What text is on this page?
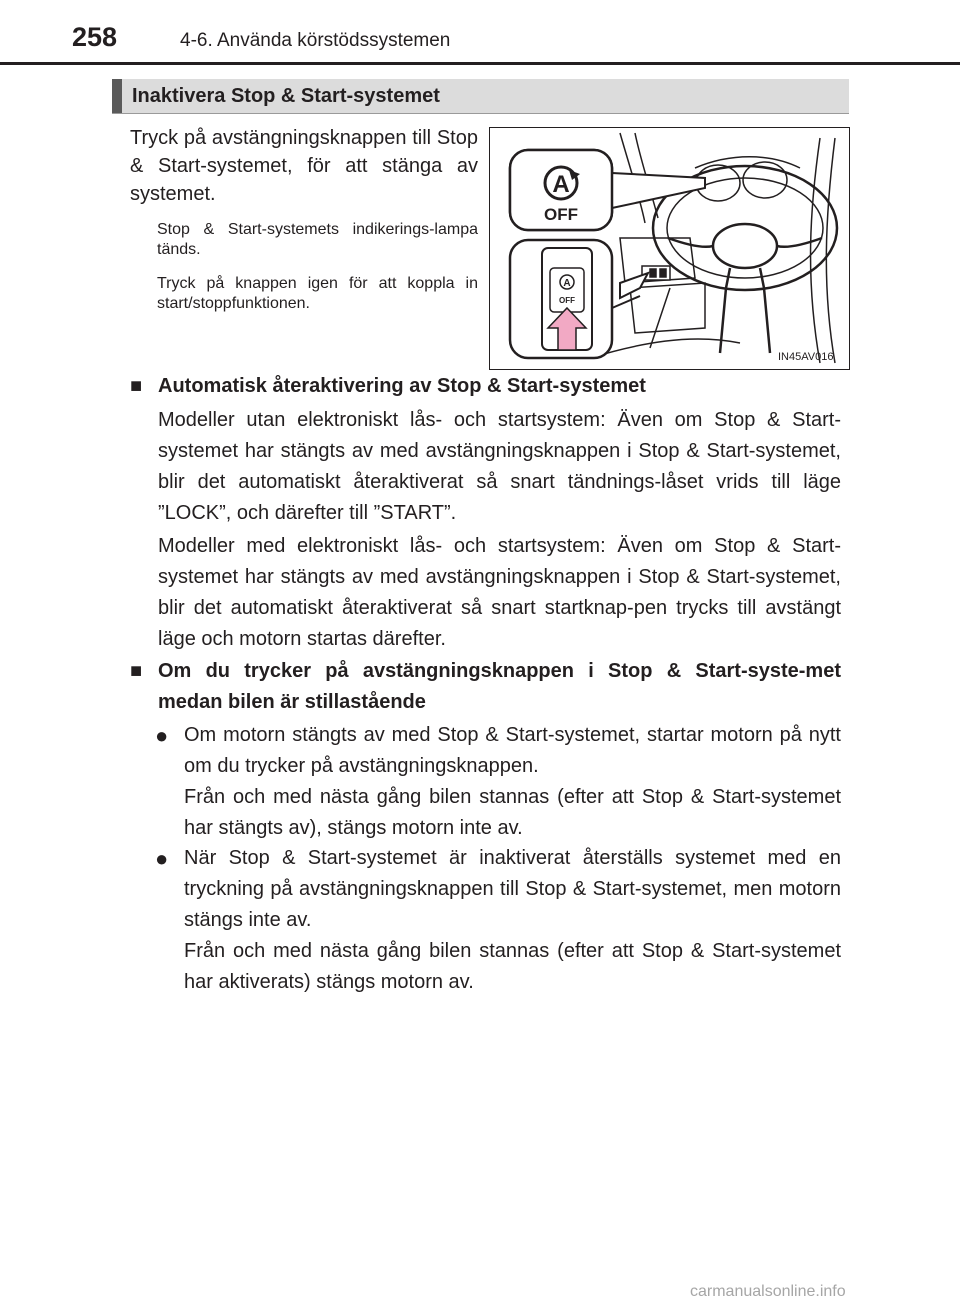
258	4-6. Använda körstödssystemen
Inaktivera Stop & Start-systemet
Tryck på avstängningsknappen till Stop & Start-systemet, för att stänga av systemet.
Stop & Start-systemets indikerings-lampa tänds.
Tryck på knappen igen för att koppla in start/stoppfunktionen.
A
OFF
A
OFF
IN45AV016
■ Automatisk återaktivering av Stop & Start-systemet
Modeller utan elektroniskt lås- och startsystem: Även om Stop & Start-systemet har stängts av med avstängningsknappen i Stop & Start-systemet, blir det automatiskt återaktiverat så snart tändnings-låset vrids till läge ”LOCK”, och därefter till ”START”.
Modeller med elektroniskt lås- och startsystem: Även om Stop & Start-systemet har stängts av med avstängningsknappen i Stop & Start-systemet, blir det automatiskt återaktiverat så snart startknap-pen trycks till avstängt läge och motorn startas därefter.
■ Om du trycker på avstängningsknappen i Stop & Start-syste-met medan bilen är stillastående
● Om motorn stängts av med Stop & Start-systemet, startar motorn på nytt om du trycker på avstängningsknappen.
Från och med nästa gång bilen stannas (efter att Stop & Start-systemet har stängts av), stängs motorn inte av.
● När Stop & Start-systemet är inaktiverat återställs systemet med en tryckning på avstängningsknappen till Stop & Start-systemet, men motorn stängs inte av.
Från och med nästa gång bilen stannas (efter att Stop & Start-systemet har aktiverats) stängs motorn av.
carmanualsonline.info
